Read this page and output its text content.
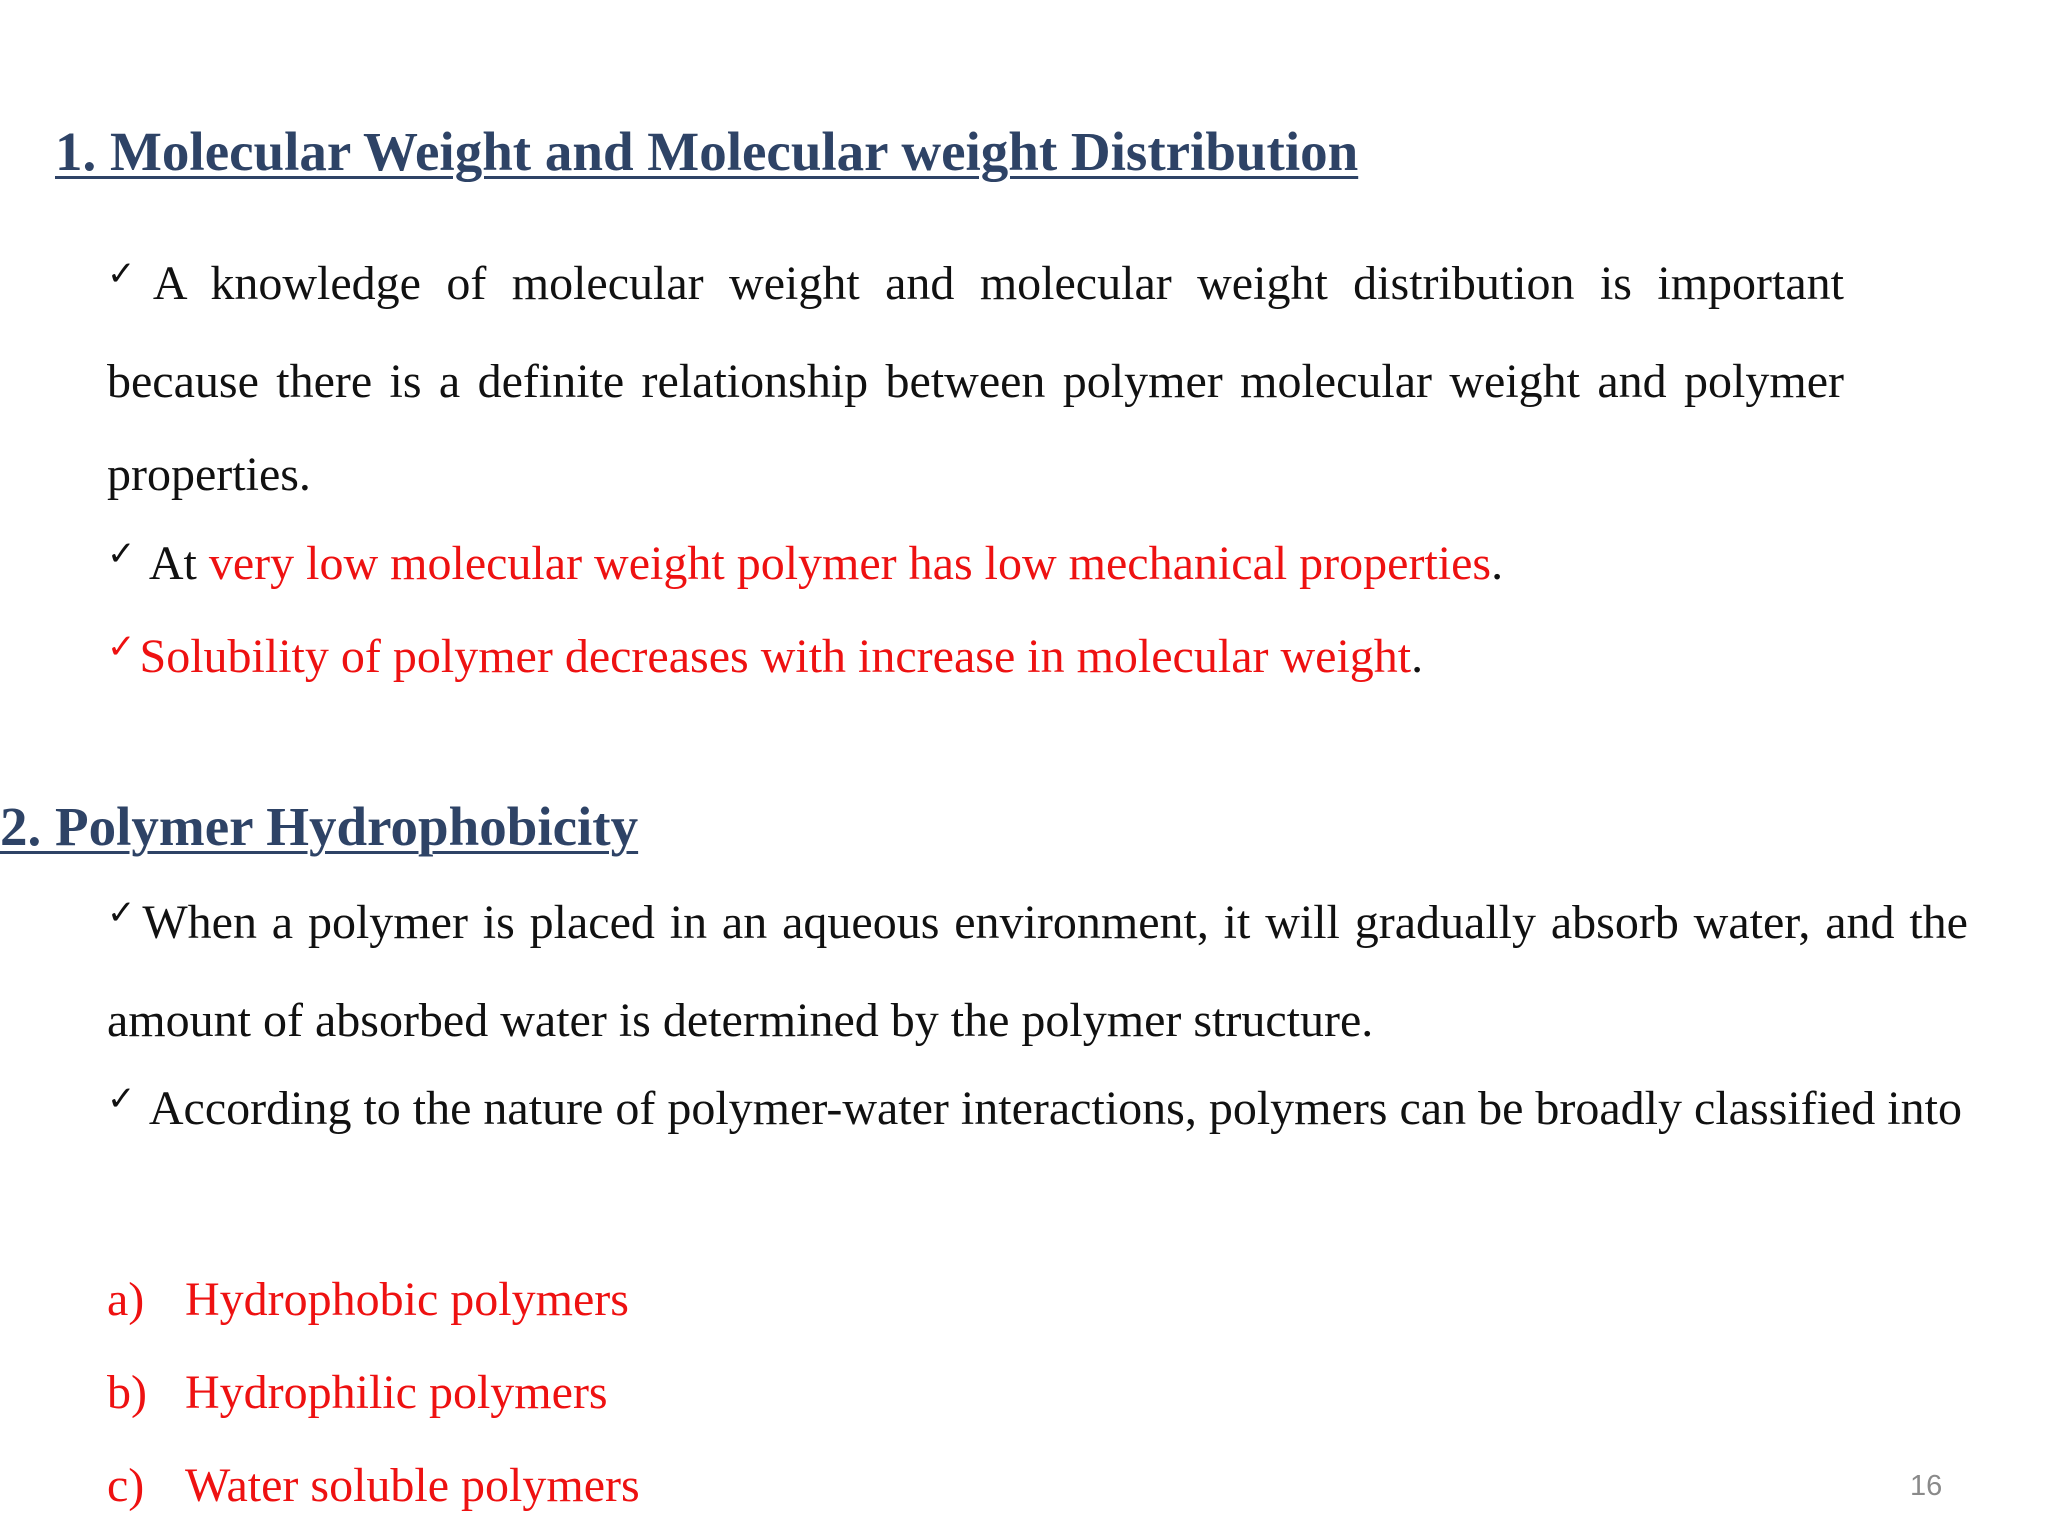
1. Molecular Weight and Molecular weight Distribution

✓A knowledge of molecular weight and molecular weight distribution is important because there is a definite relationship between polymer molecular weight and polymer properties.

✓ At very low molecular weight polymer has low mechanical properties.

✓Solubility of polymer decreases with increase in molecular weight.

2. Polymer Hydrophobicity

✓When a polymer is placed in an aqueous environment, it will gradually absorb water, and the amount of absorbed water is determined by the polymer structure.

✓ According to the nature of polymer-water interactions, polymers can be broadly classified into

a) Hydrophobic polymers
b) Hydrophilic polymers
c) Water soluble polymers	16
